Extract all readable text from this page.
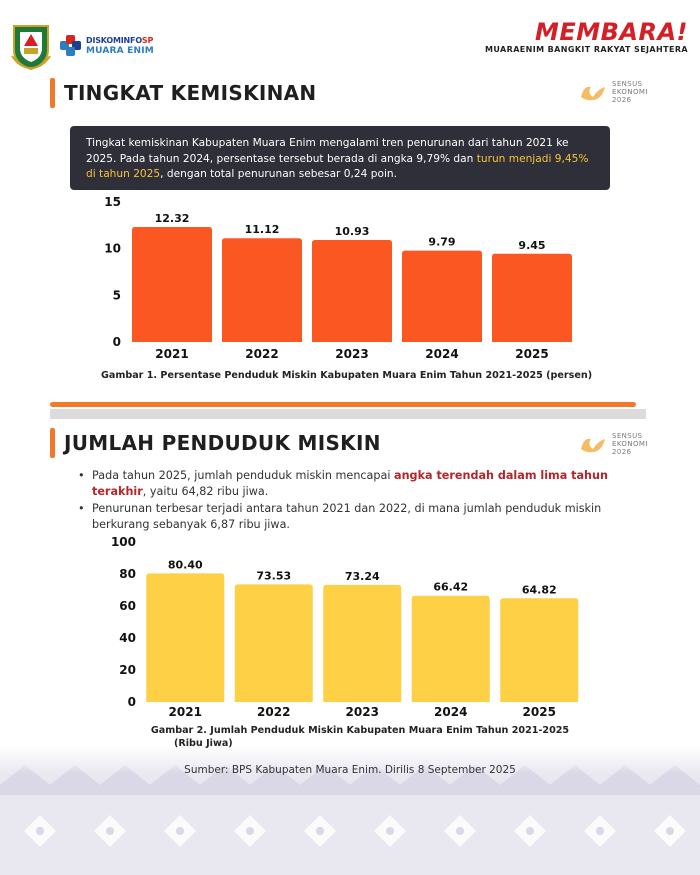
DISKOMINFOSP
MUARA ENIM
MEMBARA!
MUARAENIM BANGKIT RAKYAT SEJAHTERA
TINGKAT KEMISKINAN	SENSUS
EKONOMI
2026
Tingkat kemiskinan Kabupaten Muara Enim mengalami tren penurunan dari tahun 2021 ke 2025. Pada tahun 2024, persentase tersebut berada di angka 9,79% dan turun menjadi 9,45% di tahun 2025, dengan total penurunan sebesar 0,24 poin.
0
5
10
15
12.32
2021
11.12
2022
10.93
2023
9.79
2024
9.45
2025
Gambar 1. Persentase Penduduk Miskin Kabupaten Muara Enim Tahun 2021-2025 (persen)
JUMLAH PENDUDUK MISKIN	SENSUS
EKONOMI
2026
• Pada tahun 2025, jumlah penduduk miskin mencapai angka terendah dalam lima tahun terakhir, yaitu 64,82 ribu jiwa.
• Penurunan terbesar terjadi antara tahun 2021 dan 2022, di mana jumlah penduduk miskin berkurang sebanyak 6,87 ribu jiwa.
0
20
40
60
80
100
80.40
2021
73.53
2022
73.24
2023
66.42
2024
64.82
2025
Gambar 2. Jumlah Penduduk Miskin Kabupaten Muara Enim Tahun 2021-2025
(Ribu Jiwa)
Sumber: BPS Kabupaten Muara Enim. Dirilis 8 September 2025
